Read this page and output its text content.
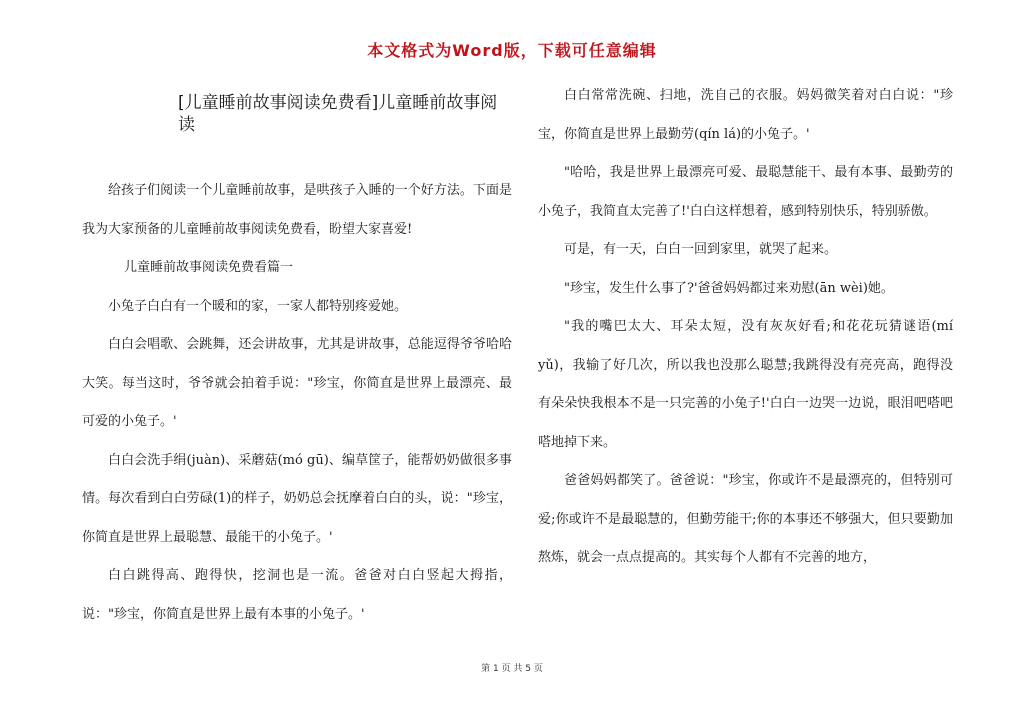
本文格式为Word版，下载可任意编辑
[儿童睡前故事阅读免费看]儿童睡前故事阅读

给孩子们阅读一个儿童睡前故事，是哄孩子入睡的一个好方法。下面是我为大家预备的儿童睡前故事阅读免费看，盼望大家喜爱!

儿童睡前故事阅读免费看篇一

小兔子白白有一个暖和的家，一家人都特别疼爱她。

白白会唱歌、会跳舞，还会讲故事，尤其是讲故事，总能逗得爷爷哈哈大笑。每当这时，爷爷就会拍着手说："珍宝，你简直是世界上最漂亮、最可爱的小兔子。'

白白会洗手绢(juàn)、采蘑菇(mó gū)、编草筐子，能帮奶奶做很多事情。每次看到白白劳碌(1)的样子，奶奶总会抚摩着白白的头，说："珍宝，你简直是世界上最聪慧、最能干的小兔子。'

白白跳得高、跑得快，挖洞也是一流。爸爸对白白竖起大拇指，说："珍宝，你简直是世界上最有本事的小兔子。'

白白常常洗碗、扫地，洗自己的衣服。妈妈微笑着对白白说："珍宝，你简直是世界上最勤劳(qín lá)的小兔子。'

"哈哈，我是世界上最漂亮可爱、最聪慧能干、最有本事、最勤劳的小兔子，我简直太完善了!'白白这样想着，感到特别快乐，特别骄傲。

可是，有一天，白白一回到家里，就哭了起来。

"珍宝，发生什么事了?'爸爸妈妈都过来劝慰(ān wèi)她。

"我的嘴巴太大、耳朵太短，没有灰灰好看;和花花玩猜谜语(mí yǔ)，我输了好几次，所以我也没那么聪慧;我跳得没有亮亮高，跑得没有朵朵快我根本不是一只完善的小兔子!'白白一边哭一边说，眼泪吧嗒吧嗒地掉下来。

爸爸妈妈都笑了。爸爸说："珍宝，你或许不是最漂亮的，但特别可爱;你或许不是最聪慧的，但勤劳能干;你的本事还不够强大，但只要勤加熬炼，就会一点点提高的。其实每个人都有不完善的地方，

第 1 页 共 5 页
